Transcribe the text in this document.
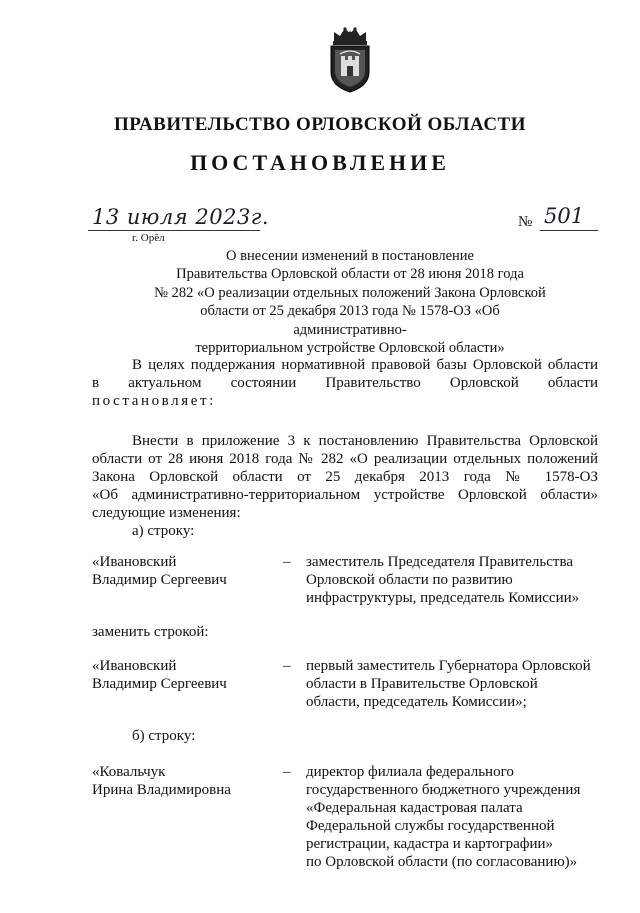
ПРАВИТЕЛЬСТВО ОРЛОВСКОЙ ОБЛАСТИ
ПОСТАНОВЛЕНИЕ
13 июля 2023г.
г. Орёл
№ 501
О внесении изменений в постановление
Правительства Орловской области от 28 июня 2018 года
№ 282 «О реализации отдельных положений Закона Орловской
области от 25 декабря 2013 года № 1578-ОЗ «Об административно-
территориальном устройстве Орловской области»
В целях поддержания нормативной правовой базы Орловской области
в актуальном состоянии Правительство Орловской области
постановляет:

Внести в приложение 3 к постановлению Правительства Орловской

области от 28 июня 2018 года № 282 «О реализации отдельных положений

Закона Орловской области от 25 декабря 2013 года № 1578-ОЗ

«Об административно-территориальном устройстве Орловской области»

следующие изменения:

а) строку:

«Ивановский
Владимир Сергеевич
– заместитель Председателя Правительства
Орловской области по развитию
инфраструктуры, председатель Комиссии»
заменить строкой:
«Ивановский
Владимир Сергеевич
– первый заместитель Губернатора Орловской
области в Правительстве Орловской
области, председатель Комиссии»;
б) строку:
«Ковальчук
Ирина Владимировна
– директор филиала федерального
государственного бюджетного учреждения
«Федеральная кадастровая палата
Федеральной службы государственной
регистрации, кадастра и картографии»
по Орловской области (по согласованию)»
